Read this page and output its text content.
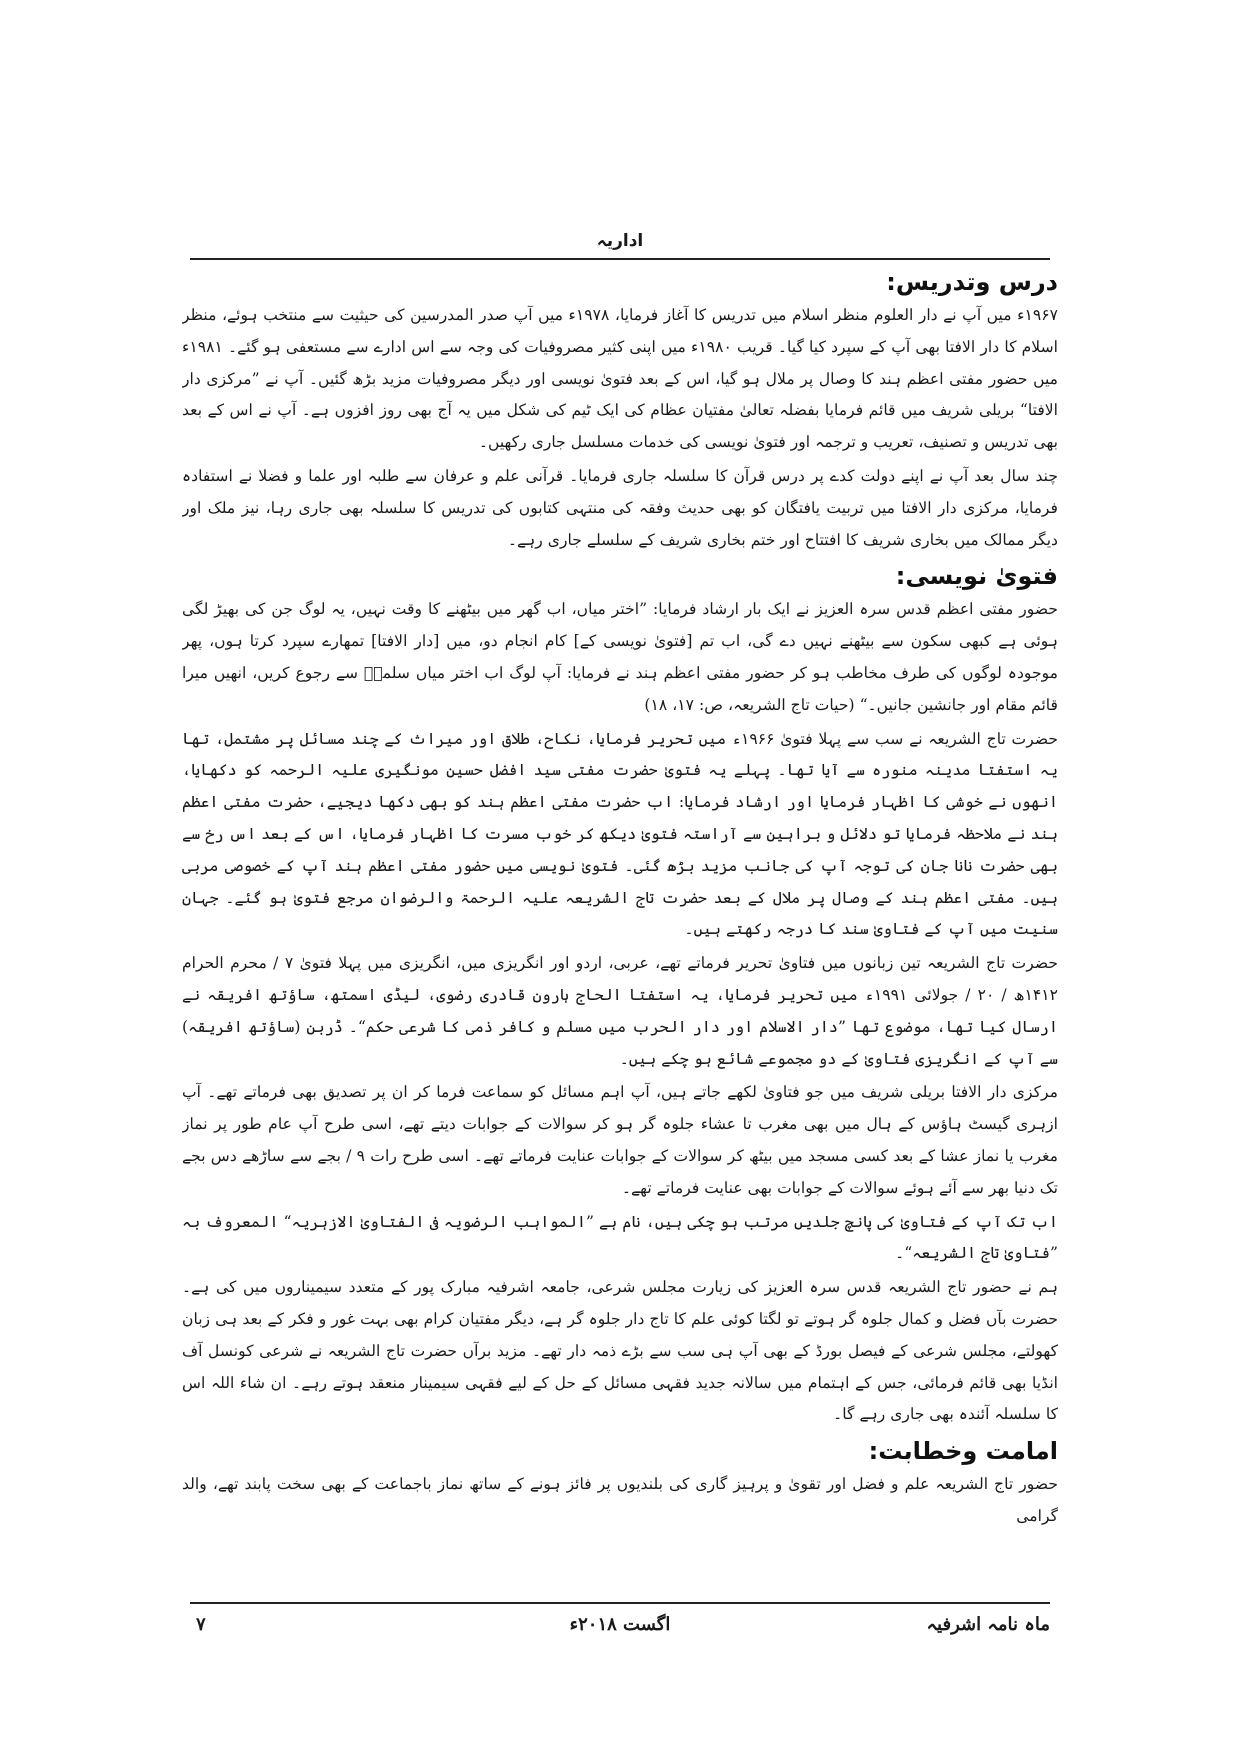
اداریہ
درس وتدریس:

۱۹۶۷ء میں آپ نے دار العلوم منظر اسلام میں تدریس کا آغاز فرمایا، ۱۹۷۸ء میں آپ صدر المدرسین کی حیثیت سے منتخب ہوئے، منظر اسلام کا دار الافتا بھی آپ کے سپرد کیا گیا۔ قریب ۱۹۸۰ء میں اپنی کثیر مصروفیات کی وجہ سے اس ادارے سے مستعفی ہو گئے۔ ۱۹۸۱ء میں حضور مفتی اعظم ہند کا وصال پر ملال ہو گیا، اس کے بعد فتویٰ نویسی اور دیگر مصروفیات مزید بڑھ گئیں۔ آپ نے ”مرکزی دار الافتا“ بریلی شریف میں قائم فرمایا بفضلہ تعالیٰ مفتیان عظام کی ایک ٹیم کی شکل میں یہ آج بھی روز افزوں ہے۔ آپ نے اس کے بعد بھی تدریس و تصنیف، تعریب و ترجمہ اور فتویٰ نویسی کی خدمات مسلسل جاری رکھیں۔

چند سال بعد آپ نے اپنے دولت کدے پر درس قرآن کا سلسلہ جاری فرمایا۔ قرآنی علم و عرفان سے طلبہ اور علما و فضلا نے استفادہ فرمایا، مرکزی دار الافتا میں تربیت یافتگان کو بھی حدیث وفقہ کی منتہی کتابوں کی تدریس کا سلسلہ بھی جاری رہا، نیز ملک اور دیگر ممالک میں بخاری شریف کا افتتاح اور ختم بخاری شریف کے سلسلے جاری رہے۔

فتویٰ نویسی:

حضور مفتی اعظم قدس سرہ العزیز نے ایک بار ارشاد فرمایا: ”اختر میاں، اب گھر میں بیٹھنے کا وقت نہیں، یہ لوگ جن کی بھیڑ لگی ہوئی ہے کبھی سکون سے بیٹھنے نہیں دے گی، اب تم [فتویٰ نویسی کے] کام انجام دو، میں [دار الافتا] تمھارے سپرد کرتا ہوں، پھر موجودہ لوگوں کی طرف مخاطب ہو کر حضور مفتی اعظم ہند نے فرمایا: آپ لوگ اب اختر میاں سلمہٗ سے رجوع کریں، انھیں میرا قائم مقام اور جانشین جانیں۔“ (حیات تاج الشریعہ، ص: ۱۷، ۱۸)

حضرت تاج الشریعہ نے سب سے پہلا فتویٰ ۱۹۶۶ء میں تحریر فرمایا، نکاح، طلاق اور میراث کے چند مسائل پر مشتمل، تھا یہ استفتا مدینہ منورہ سے آیا تھا۔ پہلے یہ فتویٰ حضرت مفتی سید افضل حسین مونگیری علیہ الرحمہ کو دکھایا، انھوں نے خوشی کا اظہار فرمایا اور ارشاد فرمایا: اب حضرت مفتی اعظم ہند کو بھی دکھا دیجیے، حضرت مفتی اعظم ہند نے ملاحظہ فرمایا تو دلائل و براہین سے آراستہ فتویٰ دیکھ کر خوب مسرت کا اظہار فرمایا، اس کے بعد اس رخ سے بھی حضرت نانا جان کی توجہ آپ کی جانب مزید بڑھ گئی۔ فتویٰ نویسی میں حضور مفتی اعظم ہند آپ کے خصوصی مربی ہیں۔ مفتی اعظم ہند کے وصال پر ملال کے بعد حضرت تاج الشریعہ علیہ الرحمۃ والرضوان مرجع فتویٰ ہو گئے۔ جہان سنیت میں آپ کے فتاویٰ سند کا درجہ رکھتے ہیں۔

حضرت تاج الشریعہ تین زبانوں میں فتاویٰ تحریر فرماتے تھے، عربی، اردو اور انگریزی میں، انگریزی میں پہلا فتویٰ ۷ / محرم الحرام ۱۴۱۲ھ / ۲۰ / جولائی ۱۹۹۱ء میں تحریر فرمایا، یہ استفتا الحاج ہارون قادری رضوی، لیڈی اسمتھ، ساؤتھ افریقہ نے ارسال کیا تھا، موضوع تھا ”دار الاسلام اور دار الحرب میں مسلم و کافر ذمی کا شرعی حکم“۔ ڈربن (ساؤتھ افریقہ) سے آپ کے انگریزی فتاویٰ کے دو مجموعے شائع ہو چکے ہیں۔

مرکزی دار الافتا بریلی شریف میں جو فتاویٰ لکھے جاتے ہیں، آپ اہم مسائل کو سماعت فرما کر ان پر تصدیق بھی فرماتے تھے۔ آپ ازہری گیسٹ ہاؤس کے ہال میں بھی مغرب تا عشاء جلوہ گر ہو کر سوالات کے جوابات دیتے تھے، اسی طرح آپ عام طور پر نماز مغرب یا نماز عشا کے بعد کسی مسجد میں بیٹھ کر سوالات کے جوابات عنایت فرماتے تھے۔ اسی طرح رات ۹ / بجے سے ساڑھے دس بجے تک دنیا بھر سے آئے ہوئے سوالات کے جوابات بھی عنایت فرماتے تھے۔

اب تک آپ کے فتاویٰ کی پانچ جلدیں مرتب ہو چکی ہیں، نام ہے ”المواہب الرضویہ فی الفتاویٰ الازہریہ“ المعروف بہ ”فتاویٰ تاج الشریعہ“۔

ہم نے حضور تاج الشریعہ قدس سرہ العزیز کی زیارت مجلس شرعی، جامعہ اشرفیہ مبارک پور کے متعدد سیمیناروں میں کی ہے۔ حضرت بآں فضل و کمال جلوہ گر ہوتے تو لگتا کوئی علم کا تاج دار جلوہ گر ہے، دیگر مفتیان کرام بھی بہت غور و فکر کے بعد ہی زبان کھولتے، مجلس شرعی کے فیصل بورڈ کے بھی آپ ہی سب سے بڑے ذمہ دار تھے۔ مزید برآں حضرت تاج الشریعہ نے شرعی کونسل آف انڈیا بھی قائم فرمائی، جس کے اہتمام میں سالانہ جدید فقہی مسائل کے حل کے لیے فقہی سیمینار منعقد ہوتے رہے۔ ان شاء اللہ اس کا سلسلہ آئندہ بھی جاری رہے گا۔

امامت وخطابت:

حضور تاج الشریعہ علم و فضل اور تقویٰ و پرہیز گاری کی بلندیوں پر فائز ہونے کے ساتھ نماز باجماعت کے بھی سخت پابند تھے، والد گرامی

ماہ نامہ اشرفیہ
اگست ۲۰۱۸ء
۷
